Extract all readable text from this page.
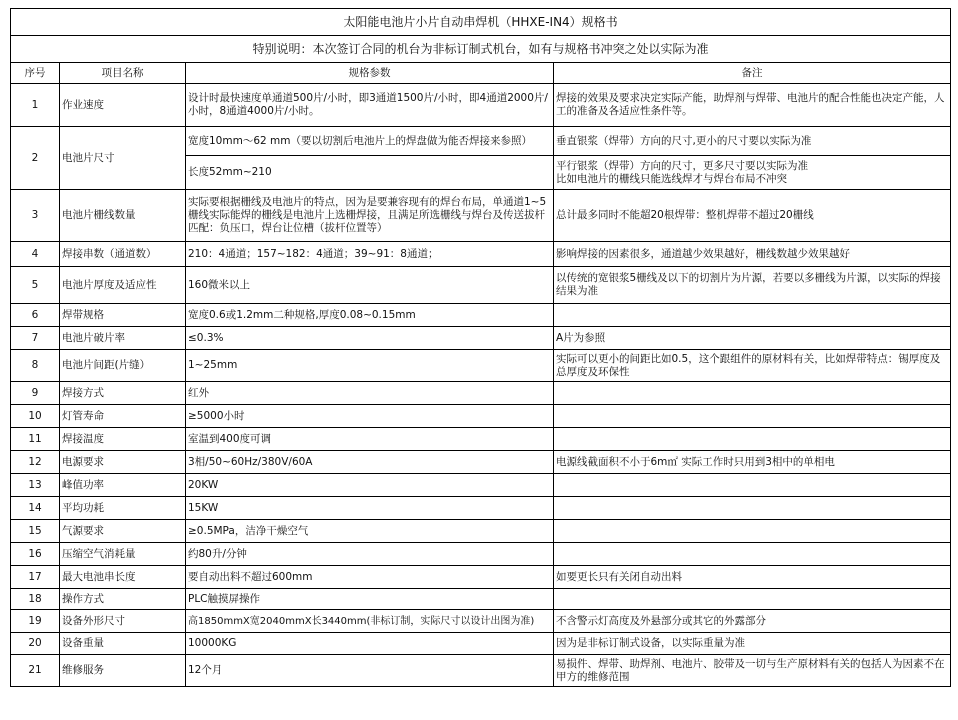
太阳能电池片小片自动串焊机（HHXE-IN4）规格书			
特别说明：本次签订合同的机台为非标订制式机台，如有与规格书冲突之处以实际为准			
序号	项目名称	规格参数	备注
1	作业速度	设计时最快速度单通道500片/小时，即3通道1500片/小时，即4通道2000片/小时，8通道4000片/小时。	焊接的效果及要求决定实际产能，助焊剂与焊带、电池片的配合性能也决定产能，人工的准备及各适应性条件等。
2	电池片尺寸	宽度10mm～62 mm（要以切割后电池片上的焊盘做为能否焊接来参照）	垂直银浆（焊带）方向的尺寸,更小的尺寸要以实际为准
		长度52mm~210	平行银浆（焊带）方向的尺寸，更多尺寸要以实际为准
比如电池片的栅线只能选线焊才与焊台布局不冲突
3	电池片栅线数量	实际要根据栅线及电池片的特点，因为是要兼容现有的焊台布局，单通道1~5栅线实际能焊的栅线是电池片上选栅焊接，且满足所选栅线与焊台及传送拔杆匹配：负压口，焊台让位槽（拔杆位置等）	总计最多同时不能超20根焊带：整机焊带不超过20栅线
4	焊接串数（通道数）	210：4通道；157~182：4通道；39~91：8通道；	影响焊接的因素很多，通道越少效果越好，栅线数越少效果越好
5	电池片厚度及适应性	160微米以上	以传统的宽银浆5栅线及以下的切割片为片源，若要以多栅线为片源，以实际的焊接结果为准
6	焊带规格	宽度0.6或1.2mm二种规格,厚度0.08~0.15mm	
7	电池片破片率	≤0.3%	A片为参照
8	电池片间距(片缝）	1~25mm	实际可以更小的间距比如0.5，这个跟组件的原材料有关，比如焊带特点：锡厚度及总厚度及环保性
9	焊接方式	红外	
10	灯管寿命	≥5000小时	
11	焊接温度	室温到400度可调	
12	电源要求	3相/50~60Hz/380V/60A	电源线截面积不小于6m㎡ 实际工作时只用到3相中的单相电
13	峰值功率	20KW	
14	平均功耗	15KW	
15	气源要求	≥0.5MPa，洁净干燥空气	
16	压缩空气消耗量	约80升/分钟	
17	最大电池串长度	要自动出料不超过600mm	如要更长只有关闭自动出料
18	操作方式	PLC触摸屏操作	
19	设备外形尺寸	高1850mmX宽2040mmX长3440mm(非标订制，实际尺寸以设计出图为准)	不含警示灯高度及外悬部分或其它的外露部分
20	设备重量	10000KG	因为是非标订制式设备，以实际重量为准
21	维修服务	12个月	易损件、焊带、助焊剂、电池片、胶带及一切与生产原材料有关的包括人为因素不在甲方的维修范围
